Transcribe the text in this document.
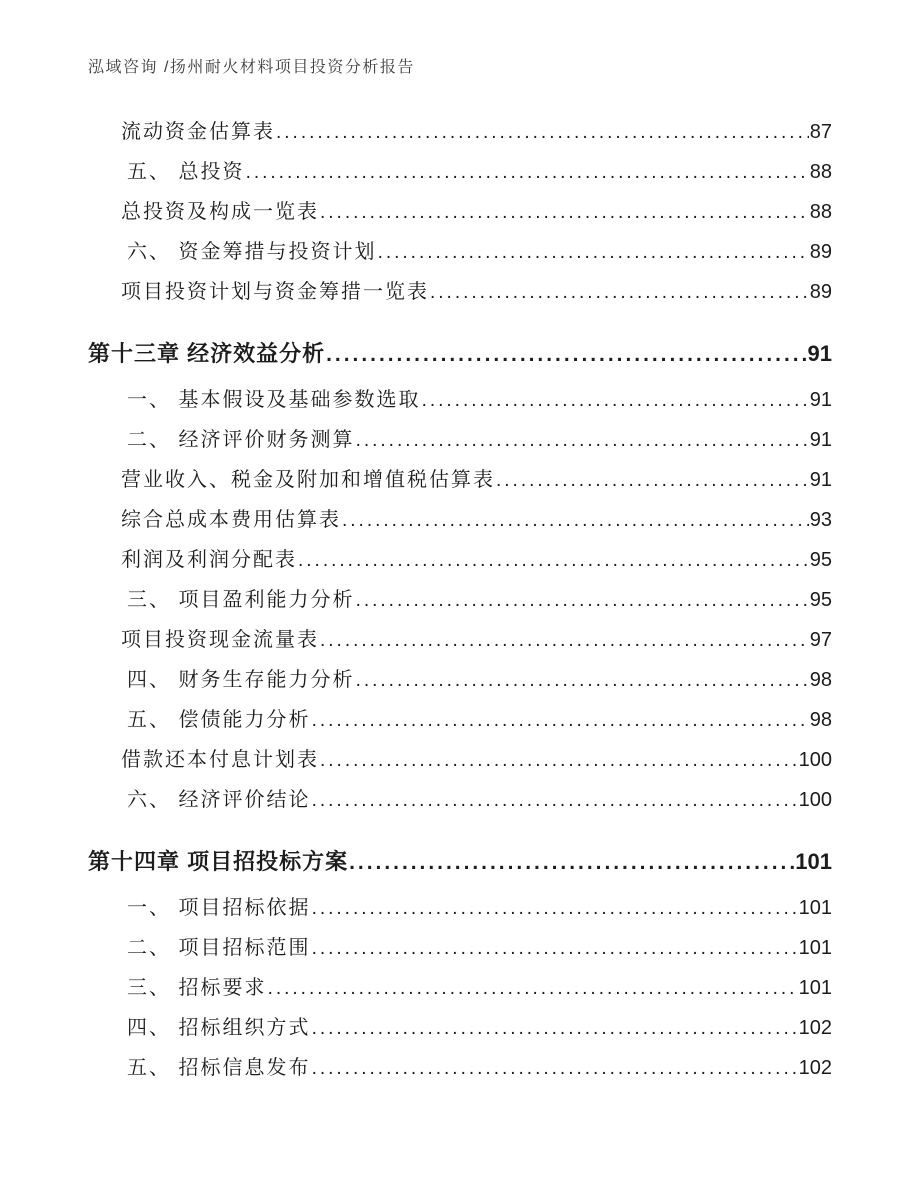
泓域咨询 /扬州耐火材料项目投资分析报告
流动资金估算表 .....	87
五、 总投资 .....	88
总投资及构成一览表 .....	88
六、 资金筹措与投资计划 .....	89
项目投资计划与资金筹措一览表 .....	89
第十三章 经济效益分析 .....	91
一、 基本假设及基础参数选取 .....	91
二、 经济评价财务测算 .....	91
营业收入、税金及附加和增值税估算表 .....	91
综合总成本费用估算表 .....	93
利润及利润分配表 .....	95
三、 项目盈利能力分析 .....	95
项目投资现金流量表 .....	97
四、 财务生存能力分析 .....	98
五、 偿债能力分析 .....	98
借款还本付息计划表 .....	100
六、 经济评价结论 .....	100
第十四章 项目招投标方案 .....	101
一、 项目招标依据 .....	101
二、 项目招标范围 .....	101
三、 招标要求 .....	101
四、 招标组织方式 .....	102
五、 招标信息发布 .....	102
